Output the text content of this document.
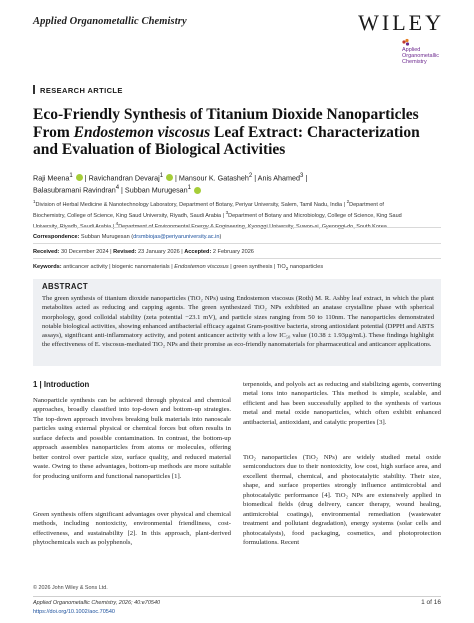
Applied Organometallic Chemistry	WILEY
Applied
Organometallic
Chemistry
RESEARCH ARTICLE
Eco-Friendly Synthesis of Titanium Dioxide Nanoparticles
From Endostemon viscosus Leaf Extract: Characterization
and Evaluation of Biological Activities
Raji Meena$^1$ | Ravichandran Devaraj$^1$ | Mansour K. Gatasheh$^2$ | Anis Ahamed$^3$ |
Balasubramani Ravindran$^4$ | Subban Murugesan$^1$
$^1$Division of Herbal Medicine & Nanotechnology Laboratory, Department of Botany, Periyar University, Salem, Tamil Nadu, India | $^2$Department of
Biochemistry, College of Science, King Saud University, Riyadh, Saudi Arabia | $^3$Department of Botany and Microbiology, College of Science, King Saud
$^4$
Correspondence: Subban Murugesan (drsmbiojas@periyaruniversity.ac.in)
Received: 30 December 2024 | Revised: 23 January 2026 | Accepted: 2 February 2026
Keywords: anticancer activity | biogenic nanomaterials | Endostemon viscosus | green synthesis | TiO$_2$ nanoparticles
ABSTRACT
The green synthesis of titanium dioxide nanoparticles (TiO₂ NPs) using Endostemon viscosus (Roth) M. R. Ashby leaf extract, in which the plant metabolites acted as reducing and capping agents. The green synthesized TiO₂ NPs exhibited an anatase crystalline phase with spherical morphology, good colloidal stability (zeta potential −23.1 mV), and particle sizes ranging from 50 to 110nm. The nanoparticles demonstrated notable biological activities, showing enhanced antibacterial efficacy against Gram-positive bacteria, strong antioxidant potential (DPPH and ABTS assays), significant anti-inflammatory activity, and potent anticancer activity with a low IC₅₀ value (10.38 ± 1.93µg/mL). These findings highlight the effectiveness of E. viscosus-mediated TiO₂ NPs and their promise as eco-friendly nanomaterials for pharmaceutical and anticancer applications.
1 | Introduction

Nanoparticle synthesis can be achieved through physical and chemical approaches, broadly classified into top-down and bottom-up strategies. The top-down approach involves breaking bulk materials into nanoscale particles using external physical or chemical forces but often results in surface defects and possible contamination. In contrast, the bottom-up approach assembles nanoparticles from atoms or molecules, offering better control over particle size, surface quality, and reduced material waste. Owing to these advantages, bottom-up methods are more suitable for producing uniform and functional nanoparticles [1].

Green synthesis offers significant advantages over physical and chemical methods, including nontoxicity, environmental friendliness, cost-effectiveness, and sustainability [2]. In this approach, plant-derived phytochemicals such as polyphenols,

terpenoids, and polyols act as reducing and stabilizing agents, converting metal ions into nanoparticles. This method is simple, scalable, and efficient and has been successfully applied to the synthesis of various metal and metal oxide nanoparticles, which often exhibit enhanced antibacterial, antioxidant, and catalytic properties [3].

TiO₂ nanoparticles (TiO₂ NPs) are widely studied metal oxide semiconductors due to their nontoxicity, low cost, high surface area, and excellent thermal, chemical, and photocatalytic stability. Their size, shape, and surface properties strongly influence antimicrobial and photocatalytic performance [4]. TiO₂ NPs are extensively applied in biomedical fields (drug delivery, cancer therapy, wound healing, antimicrobial coatings), environmental remediation (wastewater treatment and pollutant degradation), energy systems (solar cells and photocatalysts), food packaging, cosmetics, and photoprotection formulations. Recent

© 2026 John Wiley & Sons Ltd.
Applied Organometallic Chemistry, 2026; 40:e70540
https://doi.org/10.1002/aoc.70540
1 of 16
